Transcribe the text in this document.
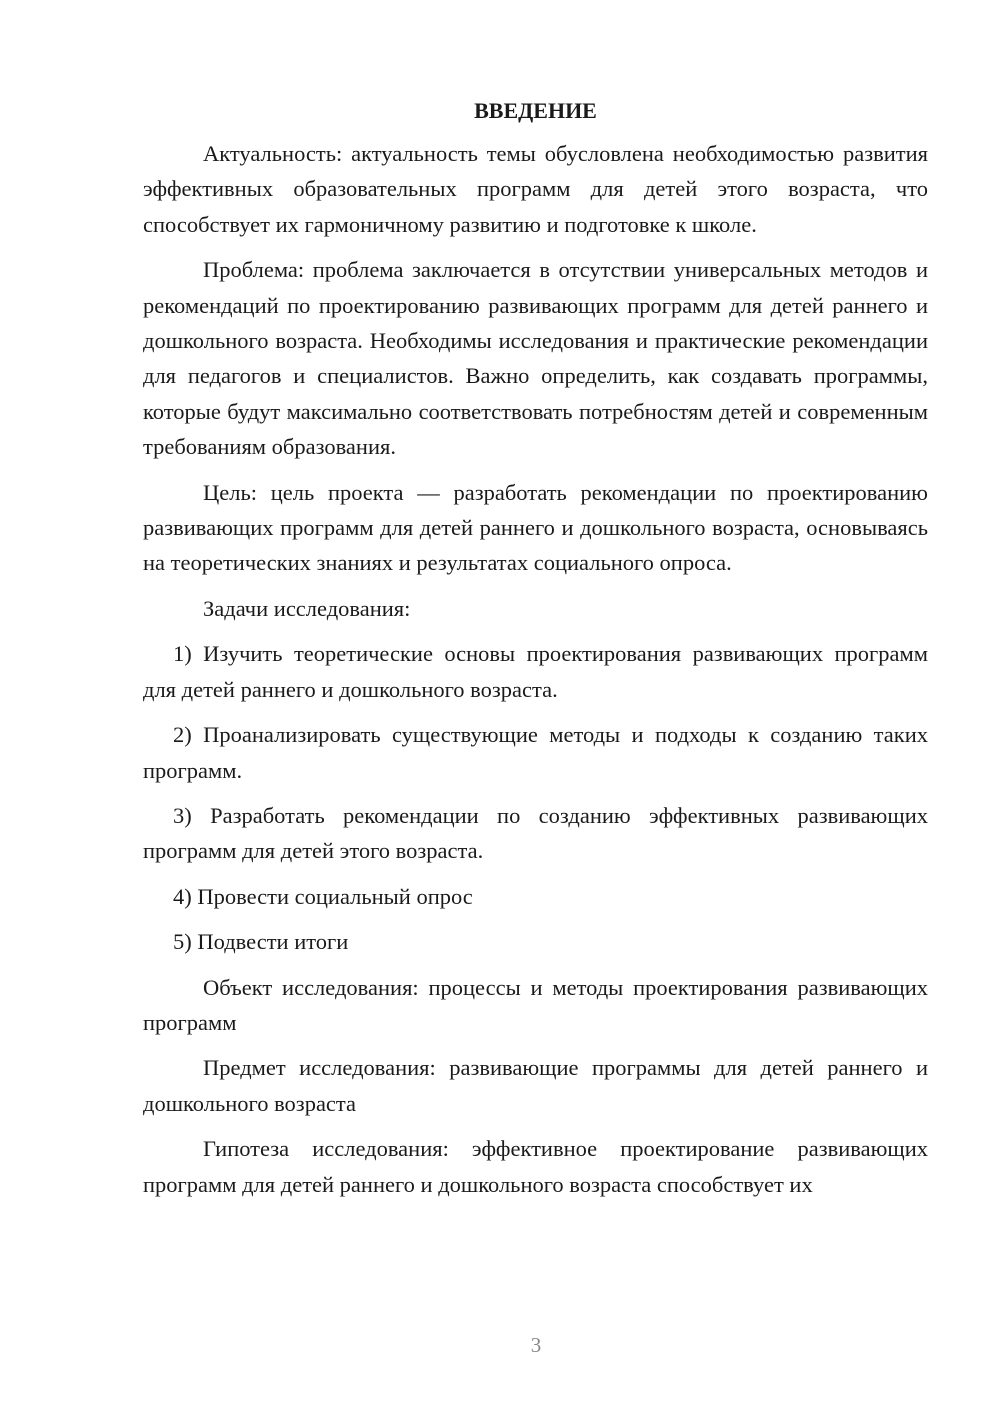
ВВЕДЕНИЕ

Актуальность: актуальность темы обусловлена необходимостью развития эффективных образовательных программ для детей этого возраста, что способствует их гармоничному развитию и подготовке к школе.

Проблема: проблема заключается в отсутствии универсальных методов и рекомендаций по проектированию развивающих программ для детей раннего и дошкольного возраста. Необходимы исследования и практические рекомендации для педагогов и специалистов. Важно определить, как создавать программы, которые будут максимально соответствовать потребностям детей и современным требованиям образования.

Цель: цель проекта — разработать рекомендации по проектированию развивающих программ для детей раннего и дошкольного возраста, основываясь на теоретических знаниях и результатах социального опроса.

Задачи исследования:

1) Изучить теоретические основы проектирования развивающих программ для детей раннего и дошкольного возраста.

2) Проанализировать существующие методы и подходы к созданию таких программ.

3) Разработать рекомендации по созданию эффективных развивающих программ для детей этого возраста.

4) Провести социальный опрос

5) Подвести итоги

Объект исследования: процессы и методы проектирования развивающих программ

Предмет исследования: развивающие программы для детей раннего и дошкольного возраста

Гипотеза исследования: эффективное проектирование развивающих программ для детей раннего и дошкольного возраста способствует их

3
